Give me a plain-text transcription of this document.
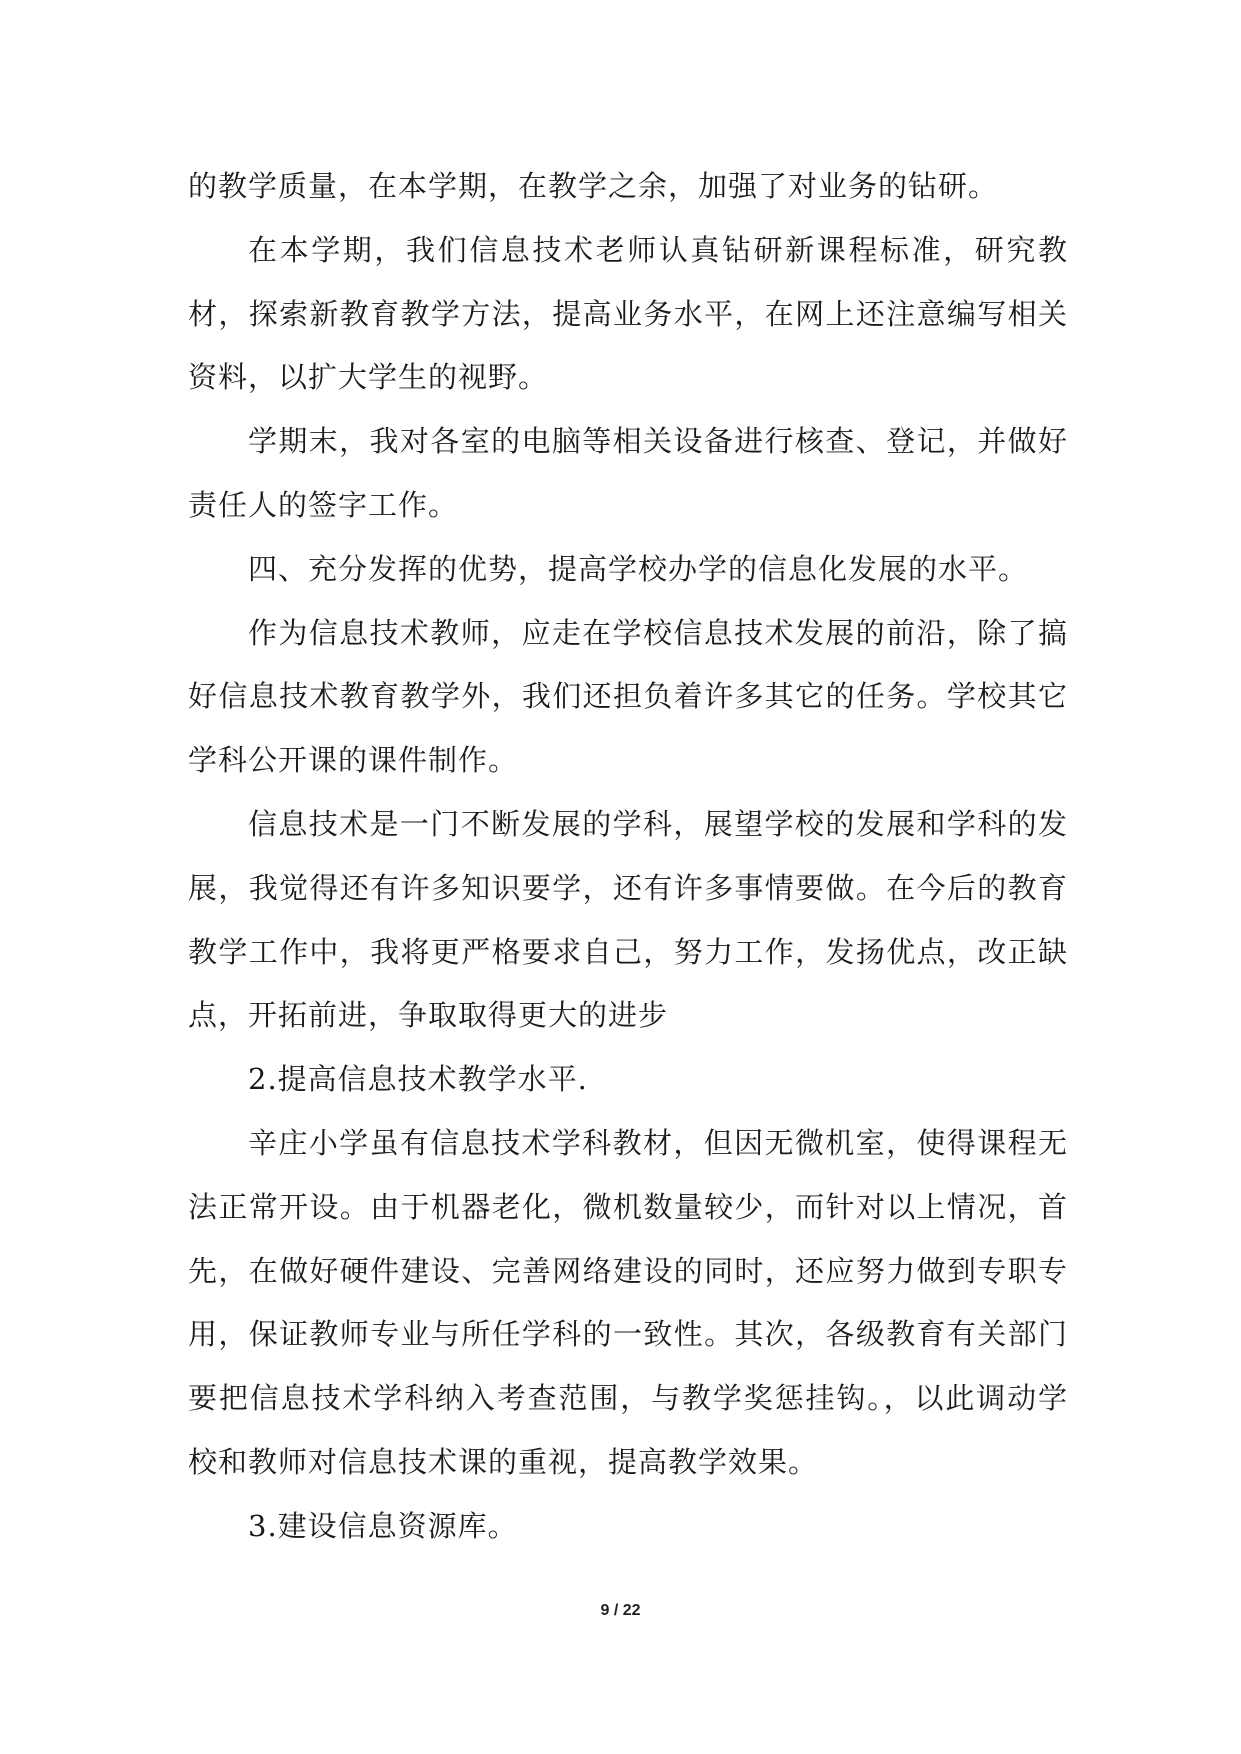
的教学质量，在本学期，在教学之余，加强了对业务的钻研。

在本学期，我们信息技术老师认真钻研新课程标准，研究教材，探索新教育教学方法，提高业务水平，在网上还注意编写相关资料，以扩大学生的视野。

学期末，我对各室的电脑等相关设备进行核查、登记，并做好责任人的签字工作。

四、充分发挥的优势，提高学校办学的信息化发展的水平。

作为信息技术教师，应走在学校信息技术发展的前沿，除了搞好信息技术教育教学外，我们还担负着许多其它的任务。学校其它学科公开课的课件制作。

信息技术是一门不断发展的学科，展望学校的发展和学科的发展，我觉得还有许多知识要学，还有许多事情要做。在今后的教育教学工作中，我将更严格要求自己，努力工作，发扬优点，改正缺点，开拓前进，争取取得更大的进步

2.提高信息技术教学水平.

辛庄小学虽有信息技术学科教材，但因无微机室，使得课程无法正常开设。由于机器老化，微机数量较少，而针对以上情况，首先，在做好硬件建设、完善网络建设的同时，还应努力做到专职专用，保证教师专业与所任学科的一致性。其次，各级教育有关部门要把信息技术学科纳入考查范围，与教学奖惩挂钩。，以此调动学校和教师对信息技术课的重视，提高教学效果。

3.建设信息资源库。

9 / 22
